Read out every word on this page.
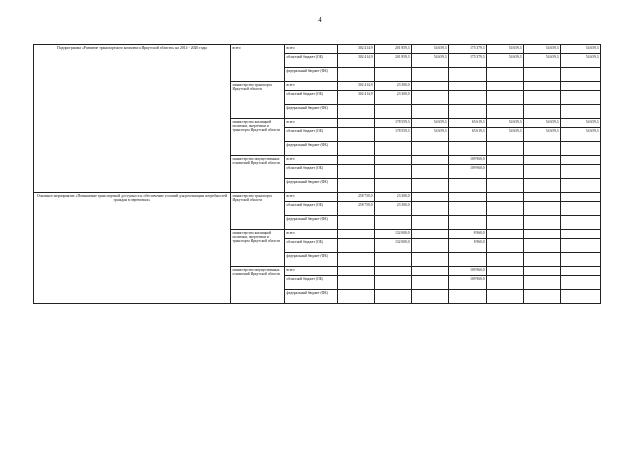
4
Подпрограмма «Развитие транспортного комплекса Иркутской области» на 2014 - 2020 годы	всего	всего	302 414,9	201 859,3	54 659,3	175 379,3	54 659,3	54 659,3	54 659,3
		областной бюджет (ОБ)	302 414,9	201 859,3	54 659,3	175 379,3	54 659,3	54 659,3	54 659,3
		федеральный бюджет (ФБ)							
	министерство транспорта Иркутской области	всего	302 414,9	23 300,0					
		областной бюджет (ОБ)	302 414,9	23 300,0					
		федеральный бюджет (ФБ)							
	министерство жилищной политики, энергетики и транспорта Иркутской области	всего		178 559,3	54 659,3	65 619,3	54 659,3	54 659,3	54 659,3
		областной бюджет (ОБ)		178 559,3	54 659,3	65 619,3	54 659,3	54 659,3	54 659,3
		федеральный бюджет (ФБ)							
	министерство имущественных отношений Иркутской области	всего				109 960,0			
		областной бюджет (ОБ)				109 960,0			
		федеральный бюджет (ФБ)							
Основное мероприятие «Повышение транспортной доступности, обеспечение условий для реализации потребностей граждан в перевозках»	министерство транспорта Иркутской области	всего	258 750,0	23 300,0					
		областной бюджет (ОБ)	258 750,0	23 300,0					
		федеральный бюджет (ФБ)							
	министерство жилищной политики, энергетики и транспорта Иркутской области	всего		132 000,0		8 960,0			
		областной бюджет (ОБ)		132 000,0		8 960,0			
		федеральный бюджет (ФБ)							
	министерство имущественных отношений Иркутской области	всего				109 960,0			
		областной бюджет (ОБ)				109 960,0			
		федеральный бюджет (ФБ)							
